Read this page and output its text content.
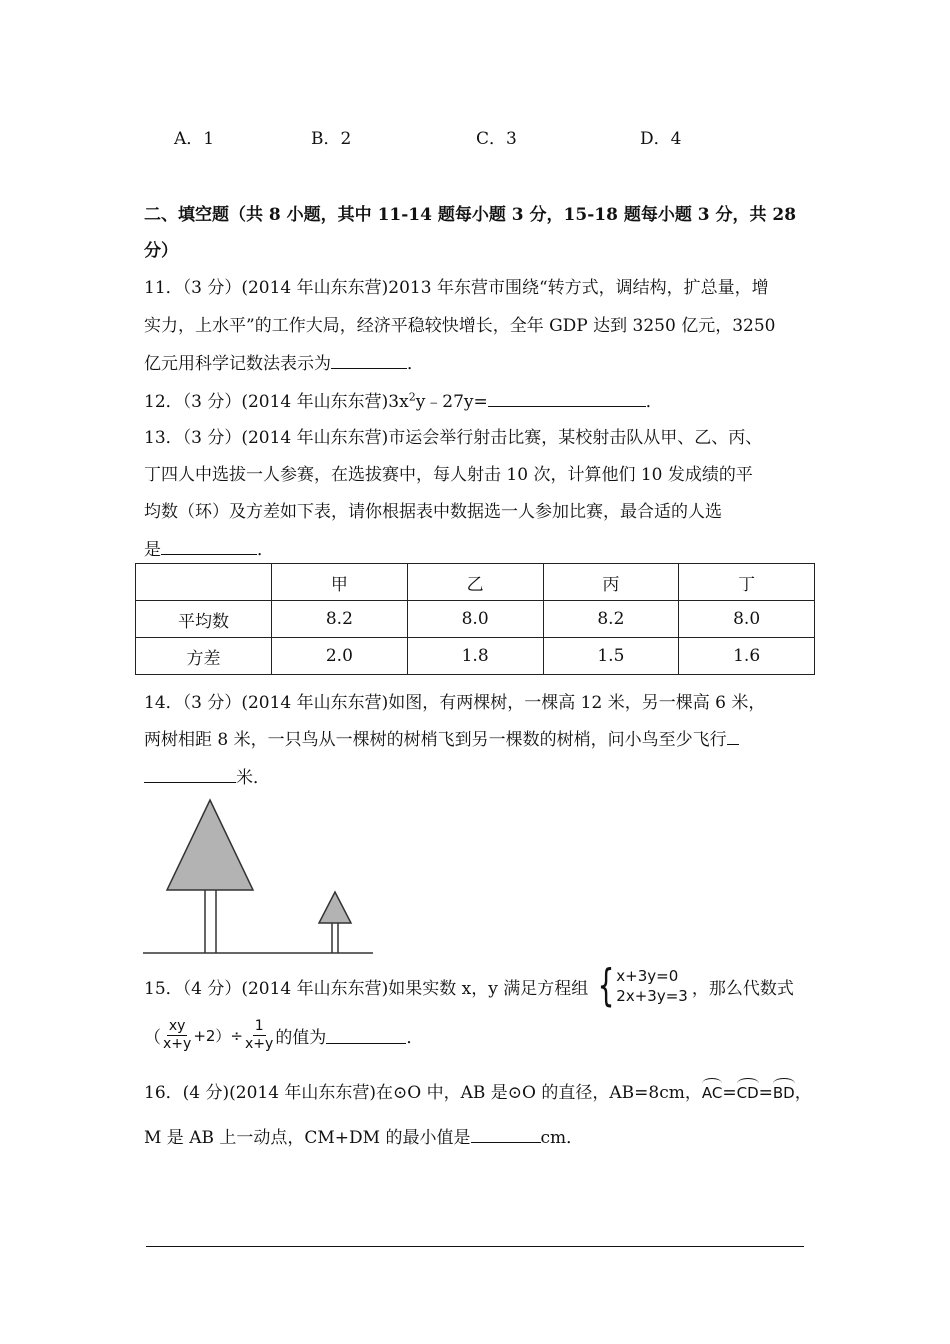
A．1	B．2	C．3	D．4
二、填空题（共 8 小题，其中 11-14 题每小题 3 分，15-18 题每小题 3 分，共 28
分）
11．（3 分）(2014 年山东东营)2013 年东营市围绕“转方式，调结构，扩总量，增
实力，上水平”的工作大局，经济平稳较快增长，全年 GDP 达到 3250 亿元，3250
亿元用科学记数法表示为	．
12．（3 分）(2014 年山东东营)$3x^2y﹣27y=$	．
13．（3 分）(2014 年山东东营)市运会举行射击比赛，某校射击队从甲、乙、丙、
丁四人中选拔一人参赛，在选拔赛中，每人射击 10 次，计算他们 10 发成绩的平
均数（环）及方差如下表，请你根据表中数据选一人参加比赛，最合适的人选
是	．
	甲	乙	丙	丁
平均数	8.2	8.0	8.2	8.0
方差	2.0	1.8	1.5	1.6
14．（3 分）(2014 年山东东营)如图，有两棵树，一棵高 12 米，另一棵高 6 米，
两树相距 8 米，一只鸟从一棵树的树梢飞到另一棵数的树梢，问小鸟至少飞行
米．
15．（4 分）(2014 年山东东营)如果实数 x，y 满足方程组 { x+3y=0
2x+3y=3 ，那么代数式
（ $\frac{xy}{x+y} +2)\div \frac{1}{x+y}$ 的值为	．
16．(4 分)(2014 年山东东营)在⊙O 中，AB 是⊙O 的直径，AB=8cm，AC=CD=BD，
M 是 AB 上一动点，CM+DM 的最小值是	cm．
